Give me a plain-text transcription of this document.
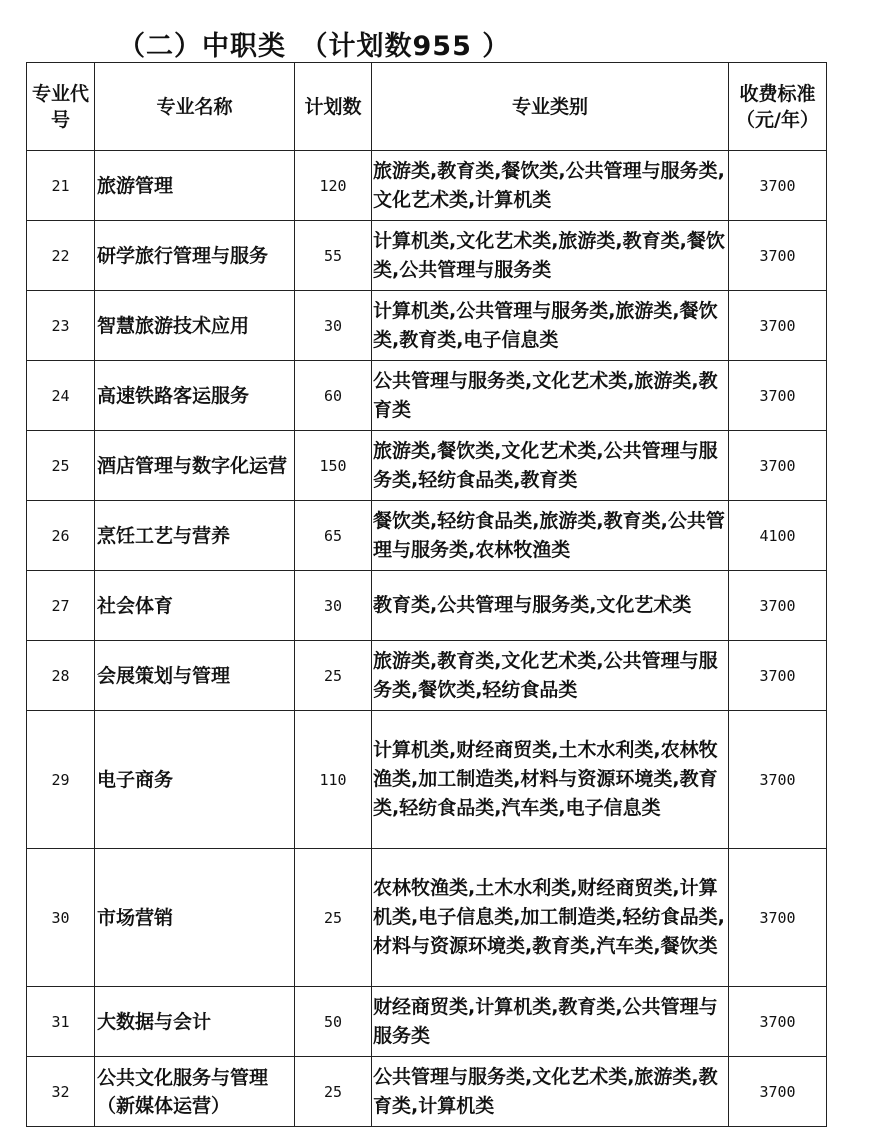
（二）中职类　（计划数955 ）
专业代号	专业名称	计划数	专业类别	收费标准（元/年）
21	旅游管理	120	旅游类,教育类,餐饮类,公共管理与服务类,文化艺术类,计算机类	3700
22	研学旅行管理与服务	55	计算机类,文化艺术类,旅游类,教育类,餐饮类,公共管理与服务类	3700
23	智慧旅游技术应用	30	计算机类,公共管理与服务类,旅游类,餐饮类,教育类,电子信息类	3700
24	高速铁路客运服务	60	公共管理与服务类,文化艺术类,旅游类,教育类	3700
25	酒店管理与数字化运营	150	旅游类,餐饮类,文化艺术类,公共管理与服务类,轻纺食品类,教育类	3700
26	烹饪工艺与营养	65	餐饮类,轻纺食品类,旅游类,教育类,公共管理与服务类,农林牧渔类	4100
27	社会体育	30	教育类,公共管理与服务类,文化艺术类	3700
28	会展策划与管理	25	旅游类,教育类,文化艺术类,公共管理与服务类,餐饮类,轻纺食品类	3700
29	电子商务	110	计算机类,财经商贸类,土木水利类,农林牧渔类,加工制造类,材料与资源环境类,教育类,轻纺食品类,汽车类,电子信息类	3700
30	市场营销	25	农林牧渔类,土木水利类,财经商贸类,计算机类,电子信息类,加工制造类,轻纺食品类,材料与资源环境类,教育类,汽车类,餐饮类	3700
31	大数据与会计	50	财经商贸类,计算机类,教育类,公共管理与服务类	3700
32	公共文化服务与管理（新媒体运营）	25	公共管理与服务类,文化艺术类,旅游类,教育类,计算机类	3700
